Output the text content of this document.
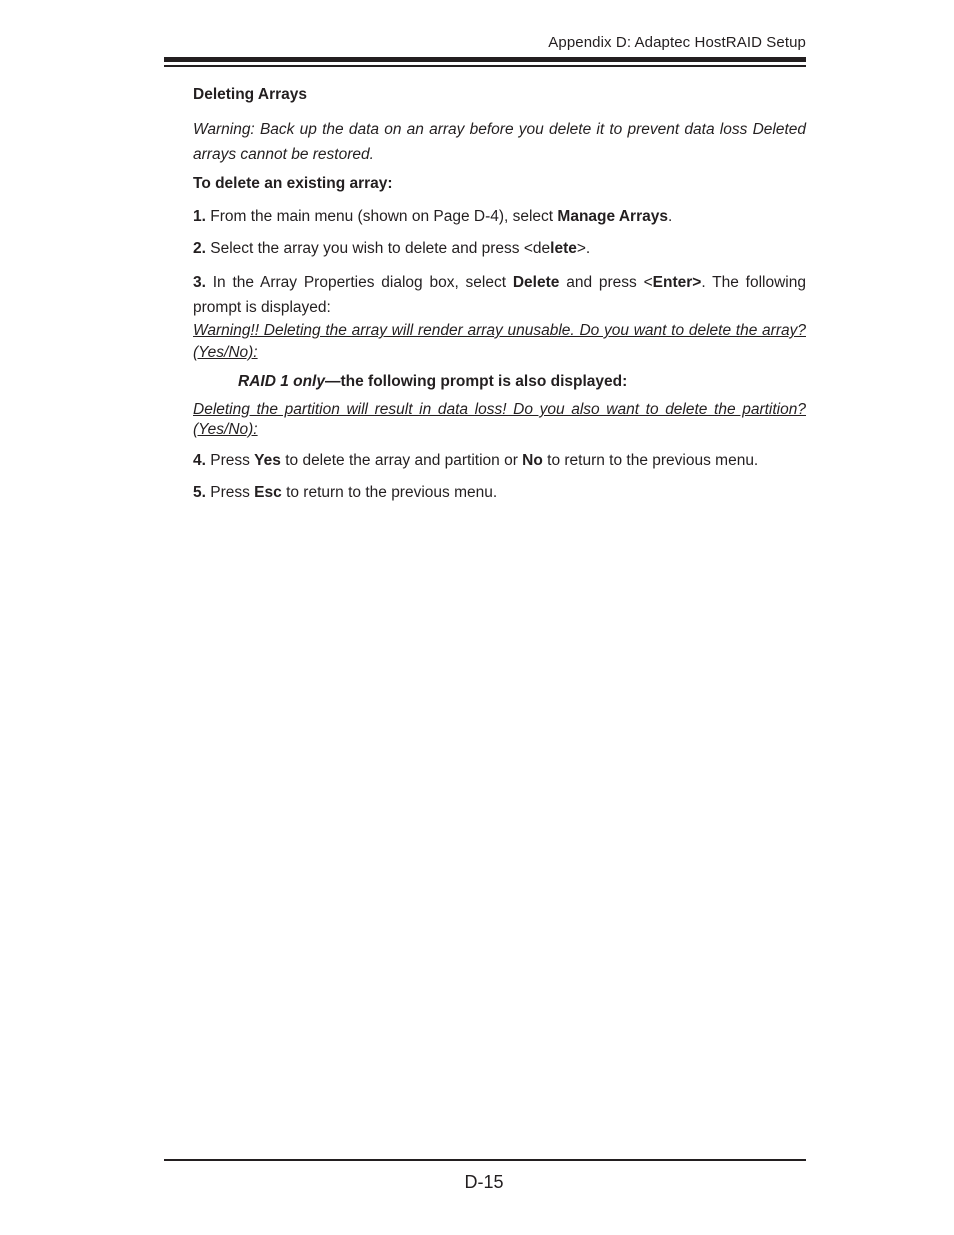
Appendix D: Adaptec HostRAID Setup

Deleting Arrays

Warning: Back up the data on an array before you delete it to prevent data loss Deleted arrays cannot be restored.

To delete an existing array:

1. From the main menu (shown on Page D-4), select Manage Arrays.

2. Select the array you wish to delete and press <delete>.

3. In the Array Properties dialog box, select Delete and press <Enter>. The following prompt is displayed:

Warning!! Deleting the array will render array unusable. Do you want to delete the array? (Yes/No):

RAID 1 only—the following prompt is also displayed:

Deleting the partition will result in data loss! Do you also want to delete the partition? (Yes/No):

4. Press Yes to delete the array and partition or No to return to the previous menu.

5. Press Esc to return to the previous menu.

D-15
